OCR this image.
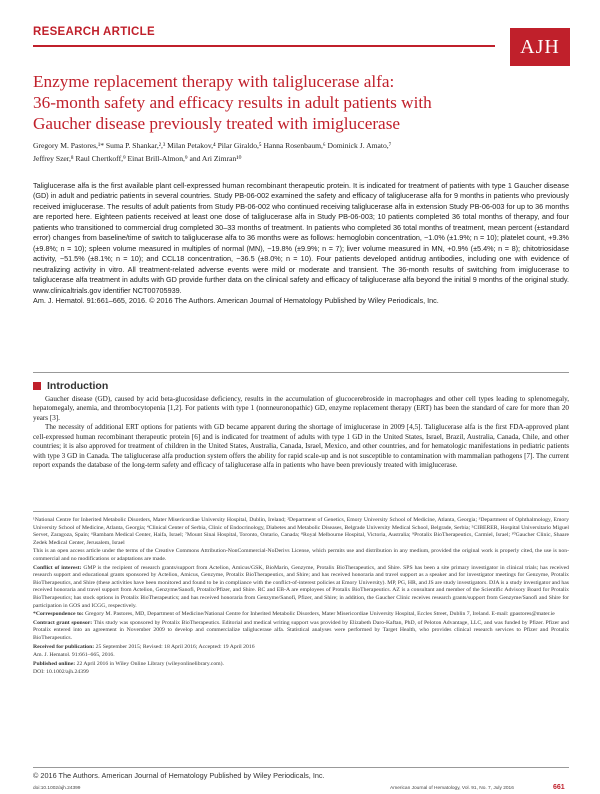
RESEARCH ARTICLE
AJH
Enzyme replacement therapy with taliglucerase alfa:
36-month safety and efficacy results in adult patients with
Gaucher disease previously treated with imiglucerase
Gregory M. Pastores,¹* Suma P. Shankar,²,³ Milan Petakov,⁴ Pilar Giraldo,⁵ Hanna Rosenbaum,⁶ Dominick J. Amato,⁷
Jeffrey Szer,⁸ Raul Chertkoff,⁹ Einat Brill-Almon,⁹ and Ari Zimran¹⁰
Taliglucerase alfa is the first available plant cell-expressed human recombinant therapeutic protein. It is indicated for treatment of patients with type 1 Gaucher disease (GD) in adult and pediatric patients in several countries. Study PB-06-002 examined the safety and efficacy of taliglucerase alfa for 9 months in patients who previously received imiglucerase. The results of adult patients from Study PB-06-002 who continued receiving taliglucerase alfa in extension Study PB-06-003 for up to 36 months are reported here. Eighteen patients received at least one dose of taliglucerase alfa in Study PB-06-003; 10 patients completed 36 total months of therapy, and four patients who transitioned to commercial drug completed 30–33 months of treatment. In patients who completed 36 total months of treatment, mean percent (±standard error) changes from baseline/time of switch to taliglucerase alfa to 36 months were as follows: hemoglobin concentration, −1.0% (±1.9%; n = 10); platelet count, +9.3% (±9.8%; n = 10); spleen volume measured in multiples of normal (MN), −19.8% (±9.9%; n = 7); liver volume measured in MN, +0.9% (±5.4%; n = 8); chitotriosidase activity, −51.5% (±8.1%; n = 10); and CCL18 concentration, −36.5 (±8.0%; n = 10). Four patients developed antidrug antibodies, including one with evidence of neutralizing activity in vitro. All treatment-related adverse events were mild or moderate and transient. The 36-month results of switching from imiglucerase to taliglucerase alfa treatment in adults with GD provide further data on the clinical safety and efficacy of taliglucerase alfa beyond the initial 9 months of the original study. www.clinicaltrials.gov identifier NCT00705939.
Am. J. Hematol. 91:661–665, 2016. © 2016 The Authors. American Journal of Hematology Published by Wiley Periodicals, Inc.
Introduction

Gaucher disease (GD), caused by acid beta-glucosidase deficiency, results in the accumulation of glucocerebroside in macrophages and other cell types leading to splenomegaly, hepatomegaly, anemia, and thrombocytopenia [1,2]. For patients with type 1 (nonneuronopathic) GD, enzyme replacement therapy (ERT) has been the standard of care for more than 20 years [3].

The necessity of additional ERT options for patients with GD became apparent during the shortage of imiglucerase in 2009 [4,5]. Taliglucerase alfa is the first FDA-approved plant cell-expressed human recombinant therapeutic protein [6] and is indicated for treatment of adults with type 1 GD in the United States, Israel, Brazil, Australia, Canada, Chile, and other countries; it is also approved for treatment of children in the United States, Australia, Canada, Israel, Mexico, and other countries, and for hematologic manifestations in pediatric patients with type 3 GD in Canada. The taliglucerase alfa production system offers the ability for rapid scale-up and is not susceptible to contamination with mammalian pathogens [7]. The current report expands the database of the long-term safety and efficacy of taliglucerase alfa in patients who have been previously treated with imiglucerase.

¹National Centre for Inherited Metabolic Disorders, Mater Misericordiae University Hospital, Dublin, Ireland; ²Department of Genetics, Emory University School of Medicine, Atlanta, Georgia; ³Department of Ophthalmology, Emory University School of Medicine, Atlanta, Georgia; ⁴Clinical Center of Serbia, Clinic of Endocrinology, Diabetes and Metabolic Diseases, Belgrade University Medical School, Belgrade, Serbia; ⁵CIBERER, Hospital Universitario Miguel Servet, Zaragoza, Spain; ⁶Rambam Medical Center, Haifa, Israel; ⁷Mount Sinai Hospital, Toronto, Ontario, Canada; ⁸Royal Melbourne Hospital, Victoria, Australia; ⁹Protalix BioTherapeutics, Carmiel, Israel; ¹⁰Gaucher Clinic, Shaare Zedek Medical Center, Jerusalem, Israel

This is an open access article under the terms of the Creative Commons Attribution-NonCommercial-NoDerivs License, which permits use and distribution in any medium, provided the original work is properly cited, the use is non-commercial and no modifications or adaptations are made.

Conflict of interest: GMP is the recipient of research grants/support from Actelion, Amicus/GSK, BioMarin, Genzyme, Protalix BioTherapeutics, and Shire. SPS has been a site primary investigator in clinical trials; has received research support and educational grants sponsored by Actelion, Amicus, Genzyme, Protalix BioTherapeutics, and Shire; and has received honoraria and travel support as a speaker and for investigator meetings for Genzyme, Protalix BioTherapeutics, and Shire (these activities have been monitored and found to be in compliance with the conflict-of-interest policies at Emory University). MP, PG, HR, and JS are study investigators. DJA is a study investigator and has received honoraria and travel support from Actelion, Genzyme/Sanofi, Protalix/Pfizer, and Shire. RC and EB-A are employees of Protalix BioTherapeutics. AZ is a consultant and member of the Scientific Advisory Board for Protalix BioTherapeutics; has stock options in Protalix BioTherapeutics; and has received honoraria from Genzyme/Sanofi, Pfizer, and Shire; in addition, the Gaucher Clinic receives research grants/support from Genzyme/Sanofi and Shire for participation in GOS and ICGG, respectively.

*Correspondence to: Gregory M. Pastores, MD, Department of Medicine/National Centre for Inherited Metabolic Disorders, Mater Misericordiae University Hospital, Eccles Street, Dublin 7, Ireland. E-mail: gpastores@mater.ie

Contract grant sponsor: This study was sponsored by Protalix BioTherapeutics. Editorial and medical writing support was provided by Elizabeth Daro-Kaftan, PhD, of Peloton Advantage, LLC, and was funded by Pfizer. Pfizer and Protalix entered into an agreement in November 2009 to develop and commercialize taliglucerase alfa. Statistical analyses were performed by Target Health, who provides clinical research services to Pfizer and Protalix BioTherapeutics.

Received for publication: 25 September 2015; Revised: 18 April 2016; Accepted: 19 April 2016

Am. J. Hematol. 91:661–665, 2016.

Published online: 22 April 2016 in Wiley Online Library (wileyonlinelibrary.com).

DOI: 10.1002/ajh.24399

© 2016 The Authors. American Journal of Hematology Published by Wiley Periodicals, Inc.
doi:10.1002/ajh.24399	American Journal of Hematology, Vol. 91, No. 7, July 2016	661
